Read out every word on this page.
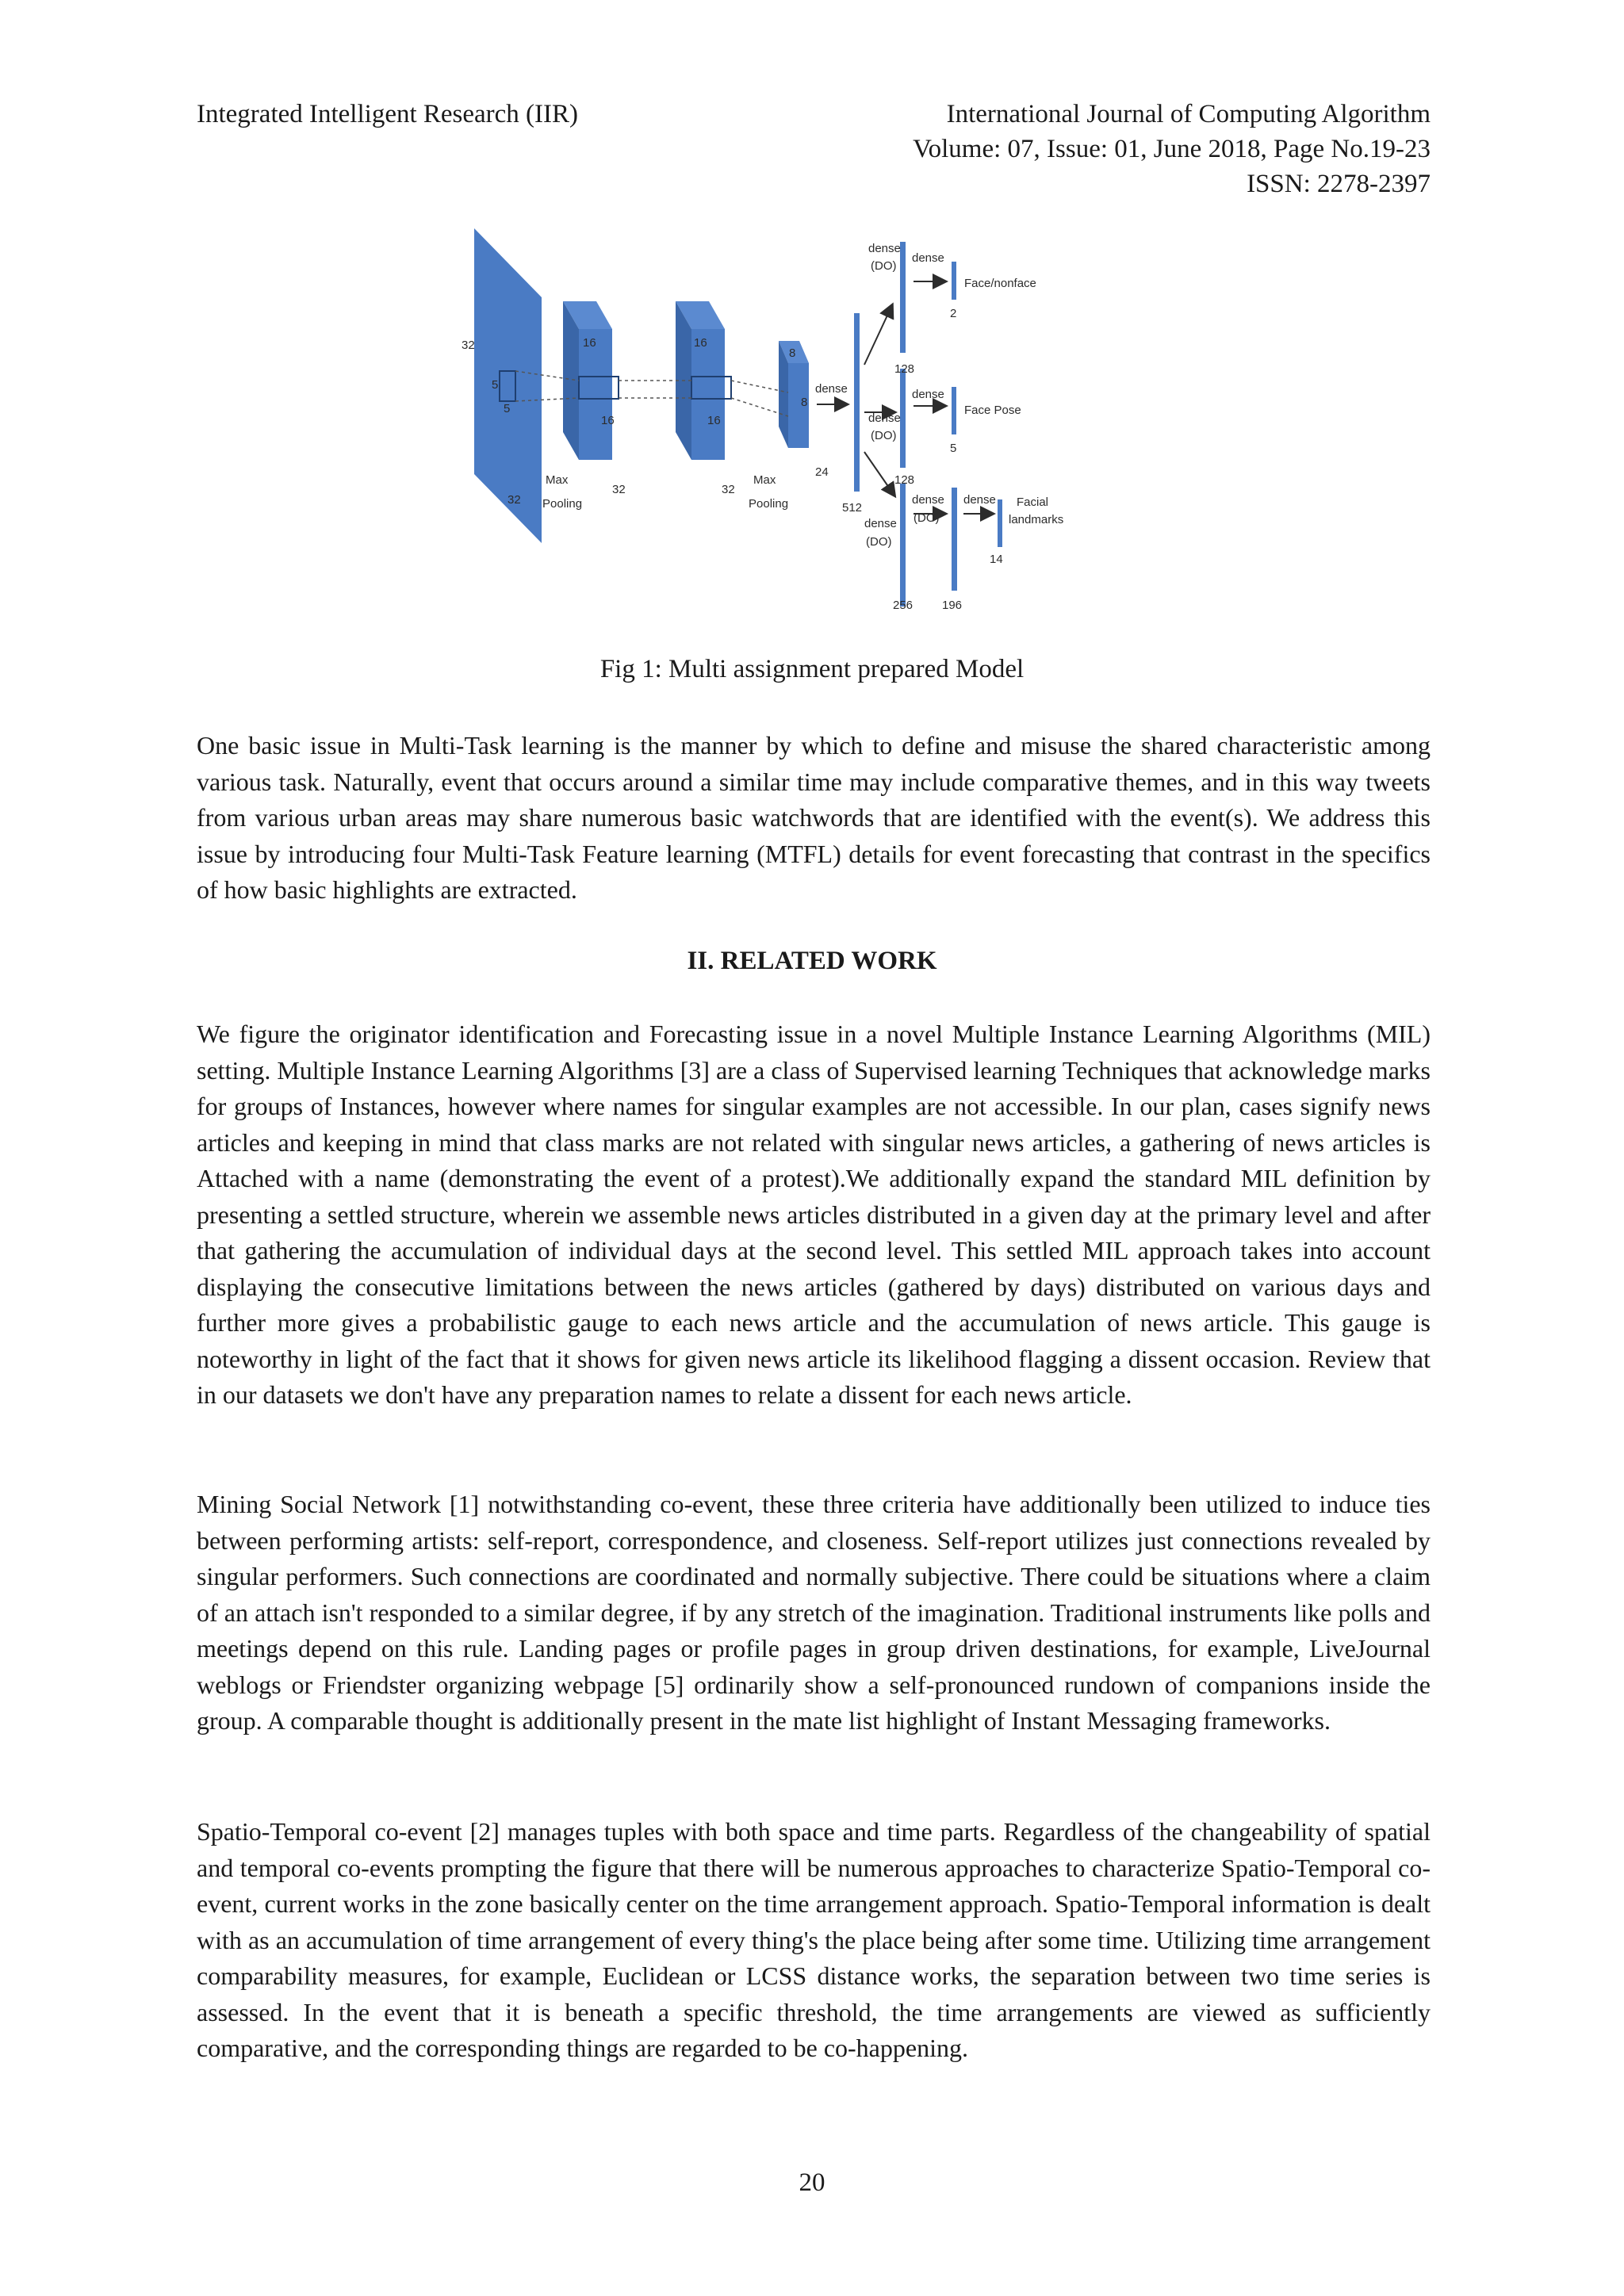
Integrated Intelligent Research (IIR)	International Journal of Computing Algorithm
Volume: 07, Issue: 01, June 2018, Page No.19-23
ISSN: 2278-2397
32
32
5
5
16
16
32
16
16
32
8
8
24
Max
Pooling
Max
Pooling
dense
512
dense
(DO)
dense
128
2
Face/nonface
dense
(DO)
dense
128
5
Face Pose
dense
(DO)
dense
(DO)
dense
256 196
14
Facial
landmarks
Fig 1: Multi assignment prepared Model

One basic issue in Multi-Task learning is the manner by which to define and misuse the shared characteristic among various task. Naturally, event that occurs around a similar time may include comparative themes, and in this way tweets from various urban areas may share numerous basic watchwords that are identified with the event(s). We address this issue by introducing four Multi-Task Feature learning (MTFL) details for event forecasting that contrast in the specifics of how basic highlights are extracted.

II. RELATED WORK

We figure the originator identification and Forecasting issue in a novel Multiple Instance Learning Algorithms (MIL) setting. Multiple Instance Learning Algorithms [3] are a class of Supervised learning Techniques that acknowledge marks for groups of Instances, however where names for singular examples are not accessible. In our plan, cases signify news articles and keeping in mind that class marks are not related with singular news articles, a gathering of news articles is Attached with a name (demonstrating the event of a protest).We additionally expand the standard MIL definition by presenting a settled structure, wherein we assemble news articles distributed in a given day at the primary level and after that gathering the accumulation of individual days at the second level. This settled MIL approach takes into account displaying the consecutive limitations between the news articles (gathered by days) distributed on various days and further more gives a probabilistic gauge to each news article and the accumulation of news article. This gauge is noteworthy in light of the fact that it shows for given news article its likelihood flagging a dissent occasion. Review that in our datasets we don't have any preparation names to relate a dissent for each news article.

Mining Social Network [1] notwithstanding co-event, these three criteria have additionally been utilized to induce ties between performing artists: self-report, correspondence, and closeness. Self-report utilizes just connections revealed by singular performers. Such connections are coordinated and normally subjective. There could be situations where a claim of an attach isn't responded to a similar degree, if by any stretch of the imagination. Traditional instruments like polls and meetings depend on this rule. Landing pages or profile pages in group driven destinations, for example, LiveJournal weblogs or Friendster organizing webpage [5] ordinarily show a self-pronounced rundown of companions inside the group. A comparable thought is additionally present in the mate list highlight of Instant Messaging frameworks.

Spatio-Temporal co-event [2] manages tuples with both space and time parts. Regardless of the changeability of spatial and temporal co-events prompting the figure that there will be numerous approaches to characterize Spatio-Temporal co-event, current works in the zone basically center on the time arrangement approach. Spatio-Temporal information is dealt with as an accumulation of time arrangement of every thing's the place being after some time. Utilizing time arrangement comparability measures, for example, Euclidean or LCSS distance works, the separation between two time series is assessed. In the event that it is beneath a specific threshold, the time arrangements are viewed as sufficiently comparative, and the corresponding things are regarded to be co-happening.

20
